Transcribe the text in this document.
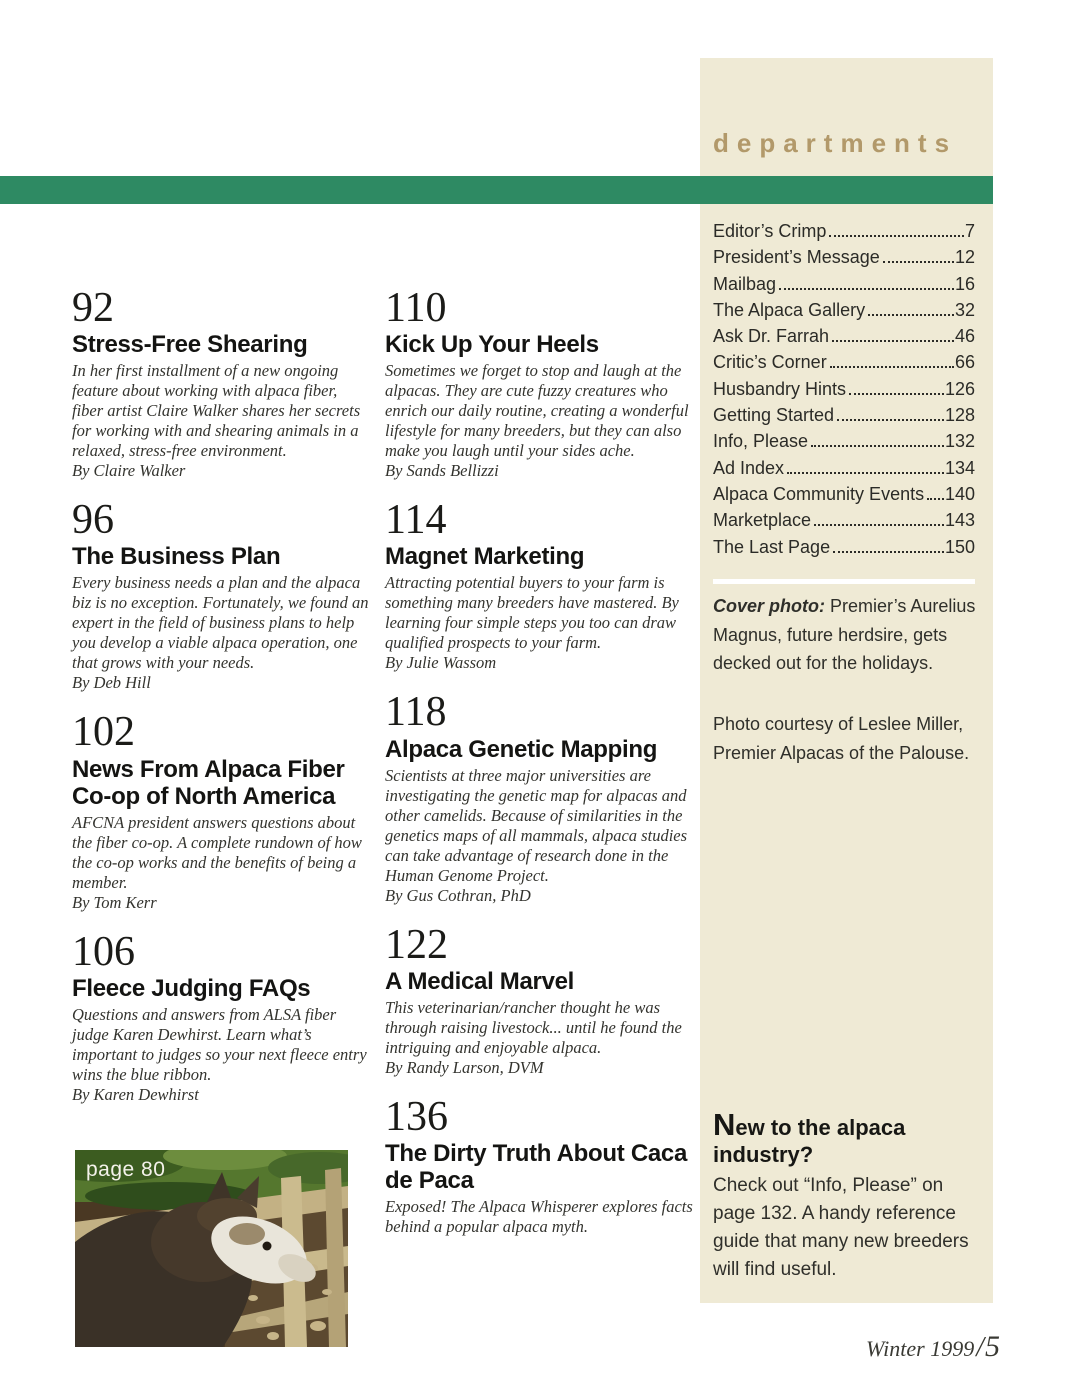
departments
Editor’s Crimp	7
President’s Message	12
Mailbag	16
The Alpaca Gallery	32
Ask Dr. Farrah	46
Critic’s Corner	66
Husbandry Hints	126
Getting Started	128
Info, Please	132
Ad Index	134
Alpaca Community Events 140
Marketplace	143
The Last Page	150

Cover photo: Premier’s Aurelius Magnus, future herdsire, gets decked out for the holidays.

Photo courtesy of Leslee Miller, Premier Alpacas of the Palouse.

New to the alpaca industry?

Check out “Info, Please” on page 132. A handy reference guide that many new breeders will find useful.

92
Stress-Free Shearing

In her first installment of a new ongoing feature about working with alpaca fiber, fiber artist Claire Walker shares her secrets for working with and shearing animals in a relaxed, stress-free environment.

By Claire Walker

96
The Business Plan

Every business needs a plan and the alpaca biz is no exception. Fortunately, we found an expert in the field of business plans to help you develop a viable alpaca operation, one that grows with your needs.

By Deb Hill

102
News From Alpaca Fiber Co-op of North America

AFCNA president answers questions about the fiber co-op. A complete rundown of how the co-op works and the benefits of being a member.

By Tom Kerr

106
Fleece Judging FAQs

Questions and answers from ALSA fiber judge Karen Dewhirst. Learn what’s important to judges so your next fleece entry wins the blue ribbon.

By Karen Dewhirst

110
Kick Up Your Heels

Sometimes we forget to stop and laugh at the alpacas. They are cute fuzzy creatures who enrich our daily routine, creating a wonderful lifestyle for many breeders, but they can also make you laugh until your sides ache.

By Sands Bellizzi

114
Magnet Marketing

Attracting potential buyers to your farm is something many breeders have mastered. By learning four simple steps you too can draw qualified prospects to your farm.

By Julie Wassom

118
Alpaca Genetic Mapping

Scientists at three major universities are investigating the genetic map for alpacas and other camelids. Because of similarities in the genetics maps of all mammals, alpaca studies can take advantage of research done in the Human Genome Project.

By Gus Cothran, PhD

122
A Medical Marvel

This veterinarian/rancher thought he was through raising livestock... until he found the intriguing and enjoyable alpaca.

By Randy Larson, DVM

136
The Dirty Truth About Caca de Paca

Exposed! The Alpaca Whisperer explores facts behind a popular alpaca myth.

page 80
Winter 1999 / 5
